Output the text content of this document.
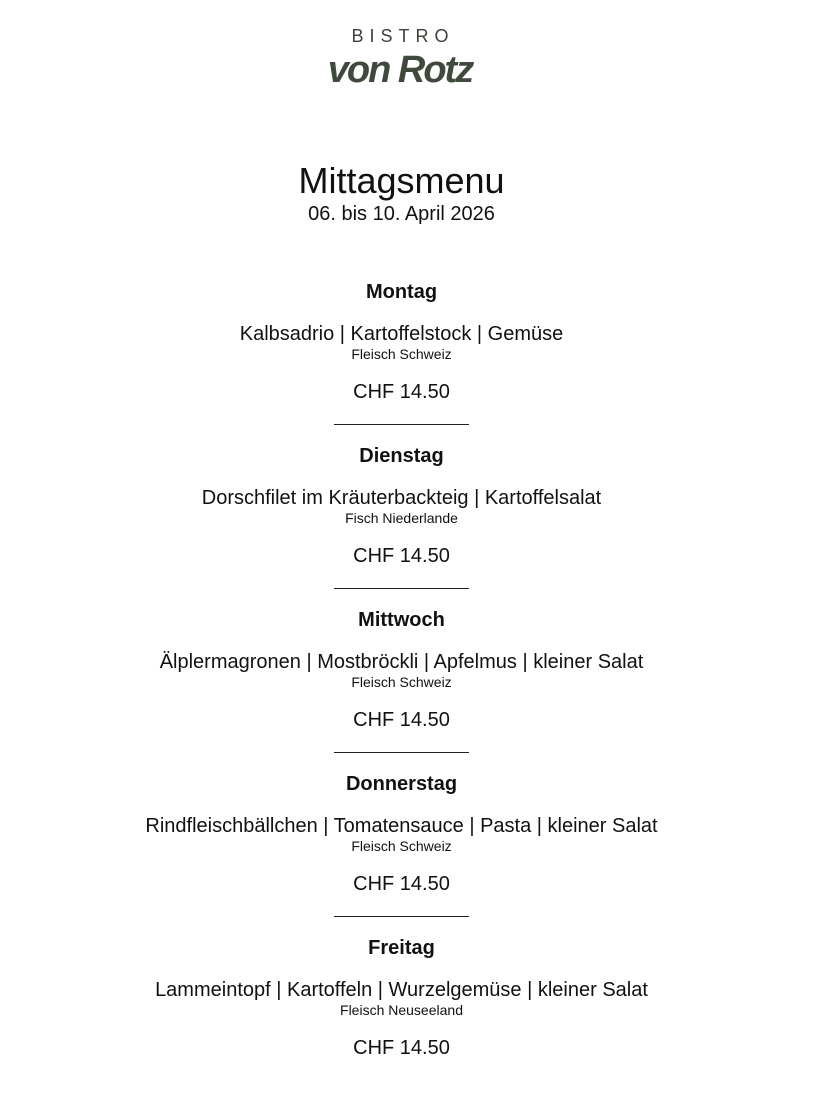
BISTRO
von Rotz
Mittagsmenu
06. bis 10. April 2026
Montag
Kalbsadrio | Kartoffelstock | Gemüse
Fleisch Schweiz
CHF 14.50
Dienstag
Dorschfilet im Kräuterbackteig | Kartoffelsalat
Fisch Niederlande
CHF 14.50
Mittwoch
Älplermagronen | Mostbröckli | Apfelmus | kleiner Salat
Fleisch Schweiz
CHF 14.50
Donnerstag
Rindfleischbällchen | Tomatensauce | Pasta | kleiner Salat
Fleisch Schweiz
CHF 14.50
Freitag
Lammeintopf | Kartoffeln | Wurzelgemüse | kleiner Salat
Fleisch Neuseeland
CHF 14.50
